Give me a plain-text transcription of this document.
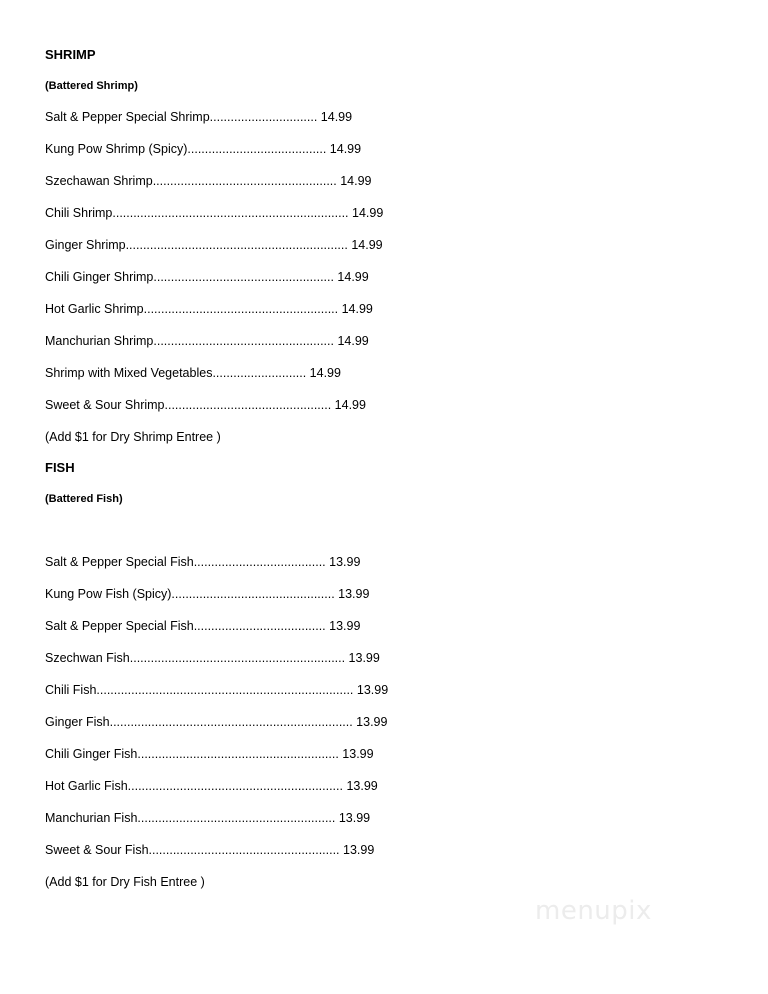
SHRIMP
(Battered Shrimp)
Salt & Pepper Special Shrimp............................... 14.99
Kung Pow Shrimp (Spicy)........................................ 14.99
Szechawan Shrimp..................................................... 14.99
Chili Shrimp.................................................................... 14.99
Ginger Shrimp................................................................ 14.99
Chili Ginger Shrimp.................................................... 14.99
Hot Garlic Shrimp........................................................ 14.99
Manchurian Shrimp.................................................... 14.99
Shrimp with Mixed Vegetables........................... 14.99
Sweet & Sour Shrimp................................................ 14.99
(Add $1 for Dry Shrimp Entree )
FISH
(Battered Fish)
Salt & Pepper Special Fish...................................... 13.99
Kung Pow Fish (Spicy)............................................... 13.99
Salt & Pepper Special Fish...................................... 13.99
Szechwan Fish.............................................................. 13.99
Chili Fish.......................................................................... 13.99
Ginger Fish...................................................................... 13.99
Chili Ginger Fish.......................................................... 13.99
Hot Garlic Fish.............................................................. 13.99
Manchurian Fish......................................................... 13.99
Sweet & Sour Fish....................................................... 13.99
(Add $1 for Dry Fish Entree )
menupix
